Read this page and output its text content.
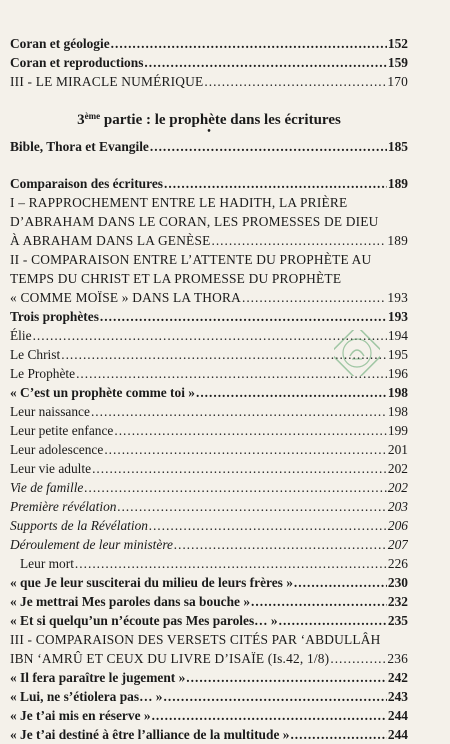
Coran et géologie .....	152
Coran et reproductions .....	159
III - LE MIRACLE NUMÉRIQUE .....	170
3ème partie : le prophète dans les écritures
•
Bible, Thora et Evangile .....	185
Comparaison des écritures .....	189
I – RAPPROCHEMENT ENTRE LE HADITH, LA PRIÈRE
D’ABRAHAM DANS LE CORAN, LES PROMESSES DE DIEU
À ABRAHAM DANS LA GENÈSE .....	189
II - COMPARAISON ENTRE L’ATTENTE DU PROPHÈTE AU
TEMPS DU CHRIST ET LA PROMESSE DU PROPHÈTE
« COMME MOÏSE » DANS LA THORA .....	193
Trois prophètes .....	193
Élie .....	194
Le Christ .....	195
Le Prophète .....	196
« C’est un prophète comme toi » .....	198
Leur naissance .....	198
Leur petite enfance .....	199
Leur adolescence .....	201
Leur vie adulte .....	202
Vie de famille .....	202
Première révélation .....	203
Supports de la Révélation .....	206
Déroulement de leur ministère .....	207
Leur mort .....	226
« que Je leur susciterai du milieu de leurs frères » .....	230
« Je mettrai Mes paroles dans sa bouche » .....	232
« Et si quelqu’un n’écoute pas Mes paroles… » .....	235
III - COMPARAISON DES VERSETS CITÉS PAR ‘ABDULLÂH
IBN ‘AMRÛ ET CEUX DU LIVRE D’ISAÏE (Is.42, 1/8) .....	236
« Il fera paraître le jugement » .....	242
« Lui, ne s’étiolera pas… » .....	243
« Je t’ai mis en réserve » .....	244
« Je t’ai destiné à être l’alliance de la multitude » .....	244
